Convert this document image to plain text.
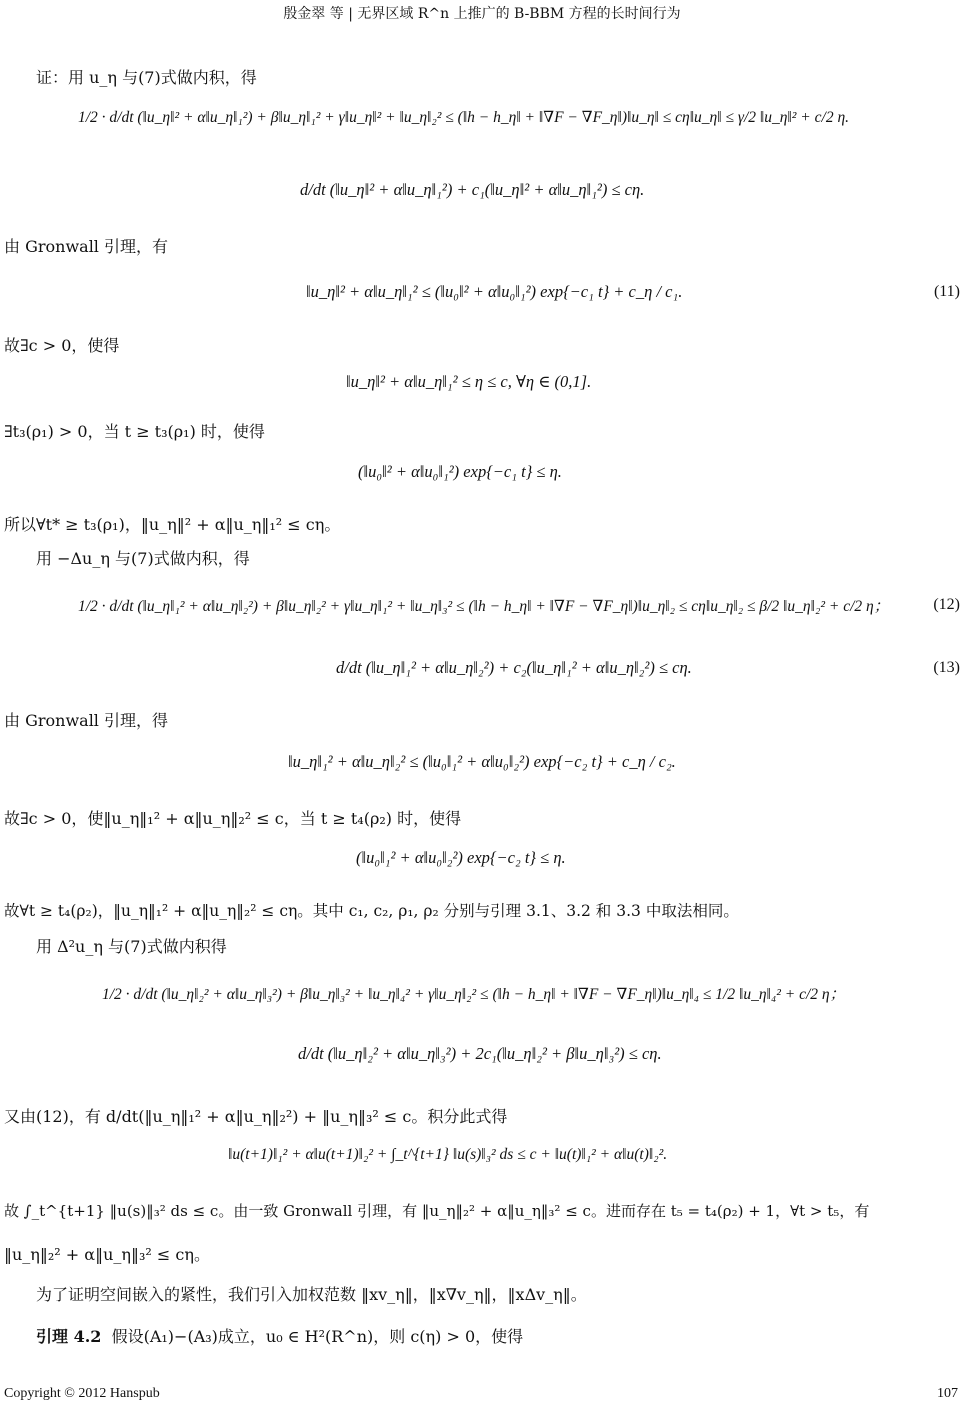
殷金翠 等 | 无界区域 R^n 上推广的 B-BBM 方程的长时间行为
证：用 u_η 与(7)式做内积，得
1/2 · d/dt (‖u_η‖² + α‖u_η‖₁²) + β‖u_η‖₁² + γ‖u_η‖² + ‖u_η‖₂² ≤ (‖h − h_η‖ + ‖∇F − ∇F_η‖)‖u_η‖ ≤ cη‖u_η‖ ≤ γ/2 ‖u_η‖² + c/2 η.
d/dt (‖u_η‖² + α‖u_η‖₁²) + c₁(‖u_η‖² + α‖u_η‖₁²) ≤ cη.
由 Gronwall 引理，有
‖u_η‖² + α‖u_η‖₁² ≤ (‖u₀‖² + α‖u₀‖₁²) exp{−c₁ t} + c_η / c₁.	(11)
故∃c > 0，使得
‖u_η‖² + α‖u_η‖₁² ≤ η ≤ c, ∀η ∈ (0,1].
∃t₃(ρ₁) > 0，当 t ≥ t₃(ρ₁) 时，使得
(‖u₀‖² + α‖u₀‖₁²) exp{−c₁ t} ≤ η.
所以∀t* ≥ t₃(ρ₁)，‖u_η‖² + α‖u_η‖₁² ≤ cη。
用 −Δu_η 与(7)式做内积，得
1/2 · d/dt (‖u_η‖₁² + α‖u_η‖₂²) + β‖u_η‖₂² + γ‖u_η‖₁² + ‖u_η‖₃² ≤ (‖h − h_η‖ + ‖∇F − ∇F_η‖)‖u_η‖₂ ≤ cη‖u_η‖₂ ≤ β/2 ‖u_η‖₂² + c/2 η；	(12)
d/dt (‖u_η‖₁² + α‖u_η‖₂²) + c₂(‖u_η‖₁² + α‖u_η‖₂²) ≤ cη.	(13)
由 Gronwall 引理，得
‖u_η‖₁² + α‖u_η‖₂² ≤ (‖u₀‖₁² + α‖u₀‖₂²) exp{−c₂ t} + c_η / c₂.
故∃c > 0，使‖u_η‖₁² + α‖u_η‖₂² ≤ c，当 t ≥ t₄(ρ₂) 时，使得
(‖u₀‖₁² + α‖u₀‖₂²) exp{−c₂ t} ≤ η.
故∀t ≥ t₄(ρ₂)，‖u_η‖₁² + α‖u_η‖₂² ≤ cη。其中 c₁, c₂, ρ₁, ρ₂ 分别与引理 3.1、3.2 和 3.3 中取法相同。
用 Δ²u_η 与(7)式做内积得
1/2 · d/dt (‖u_η‖₂² + α‖u_η‖₃²) + β‖u_η‖₃² + ‖u_η‖₄² + γ‖u_η‖₂² ≤ (‖h − h_η‖ + ‖∇F − ∇F_η‖)‖u_η‖₄ ≤ 1/2 ‖u_η‖₄² + c/2 η；
d/dt (‖u_η‖₂² + α‖u_η‖₃²) + 2c₁(‖u_η‖₂² + β‖u_η‖₃²) ≤ cη.
又由(12)，有 d/dt(‖u_η‖₁² + α‖u_η‖₂²) + ‖u_η‖₃² ≤ c。积分此式得
‖u(t+1)‖₁² + α‖u(t+1)‖₂² + ∫_t^{t+1} ‖u(s)‖₃² ds ≤ c + ‖u(t)‖₁² + α‖u(t)‖₂².
故 ∫_t^{t+1} ‖u(s)‖₃² ds ≤ c。由一致 Gronwall 引理，有 ‖u_η‖₂² + α‖u_η‖₃² ≤ c。进而存在 t₅ = t₄(ρ₂) + 1，∀t > t₅，有
‖u_η‖₂² + α‖u_η‖₃² ≤ cη。
为了证明空间嵌入的紧性，我们引入加权范数 ‖xv_η‖，‖x∇v_η‖，‖xΔv_η‖。
引理 4.2 假设(A₁)−(A₃)成立，u₀ ∈ H²(R^n)，则 c(η) > 0，使得
Copyright © 2012 Hanspub	107
